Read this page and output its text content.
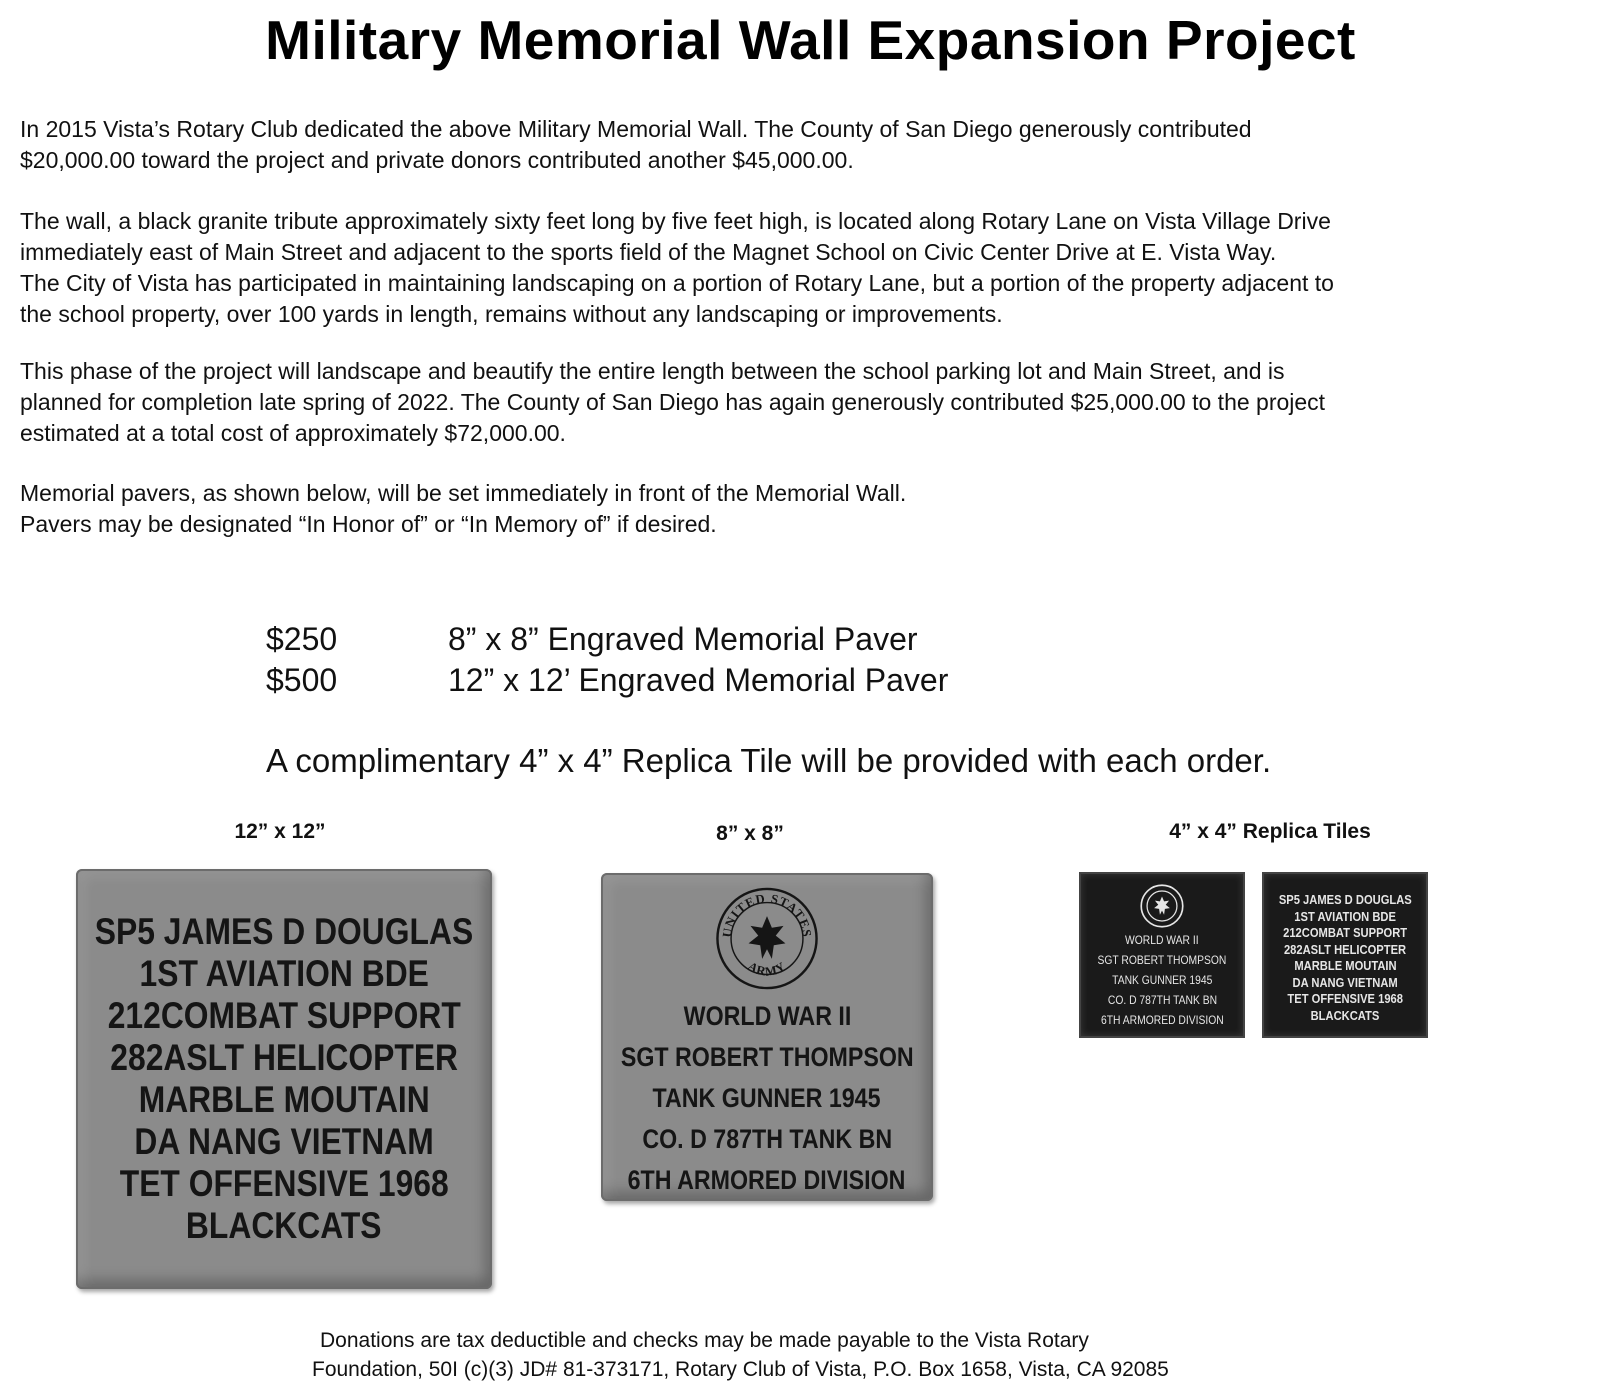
Military Memorial Wall Expansion Project

In 2015 Vista’s Rotary Club dedicated the above Military Memorial Wall. The County of San Diego generously contributed
$20,000.00 toward the project and private donors contributed another $45,000.00.

The wall, a black granite tribute approximately sixty feet long by five feet high, is located along Rotary Lane on Vista Village Drive
immediately east of Main Street and adjacent to the sports field of the Magnet School on Civic Center Drive at E. Vista Way.
The City of Vista has participated in maintaining landscaping on a portion of Rotary Lane, but a portion of the property adjacent to
the school property, over 100 yards in length, remains without any landscaping or improvements.

This phase of the project will landscape and beautify the entire length between the school parking lot and Main Street, and is
planned for completion late spring of 2022. The County of San Diego has again generously contributed $25,000.00 to the project
estimated at a total cost of approximately $72,000.00.

Memorial pavers, as shown below, will be set immediately in front of the Memorial Wall.
Pavers may be designated “In Honor of” or “In Memory of” if desired.

$250	8” x 8” Engraved Memorial Paver
$500	12” x 12’ Engraved Memorial Paver
A complimentary 4” x 4” Replica Tile will be provided with each order.
12” x 12”	8” x 8”	4” x 4” Replica Tiles
SP5 JAMES D DOUGLAS
1ST AVIATION BDE
212COMBAT SUPPORT
282ASLT HELICOPTER
MARBLE MOUTAIN
DA NANG VIETNAM
TET OFFENSIVE 1968
BLACKCATS
UNITED STATES
ARMY
WORLD WAR II
SGT ROBERT THOMPSON
TANK GUNNER 1945
CO. D 787TH TANK BN
6TH ARMORED DIVISION
WORLD WAR II
SGT ROBERT THOMPSON
TANK GUNNER 1945
CO. D 787TH TANK BN
6TH ARMORED DIVISION
SP5 JAMES D DOUGLAS
1ST AVIATION BDE
212COMBAT SUPPORT
282ASLT HELICOPTER
MARBLE MOUTAIN
DA NANG VIETNAM
TET OFFENSIVE 1968
BLACKCATS
Donations are tax deductible and checks may be made payable to the Vista Rotary
Foundation, 50I (c)(3) JD# 81-373171, Rotary Club of Vista, P.O. Box 1658, Vista, CA 92085
